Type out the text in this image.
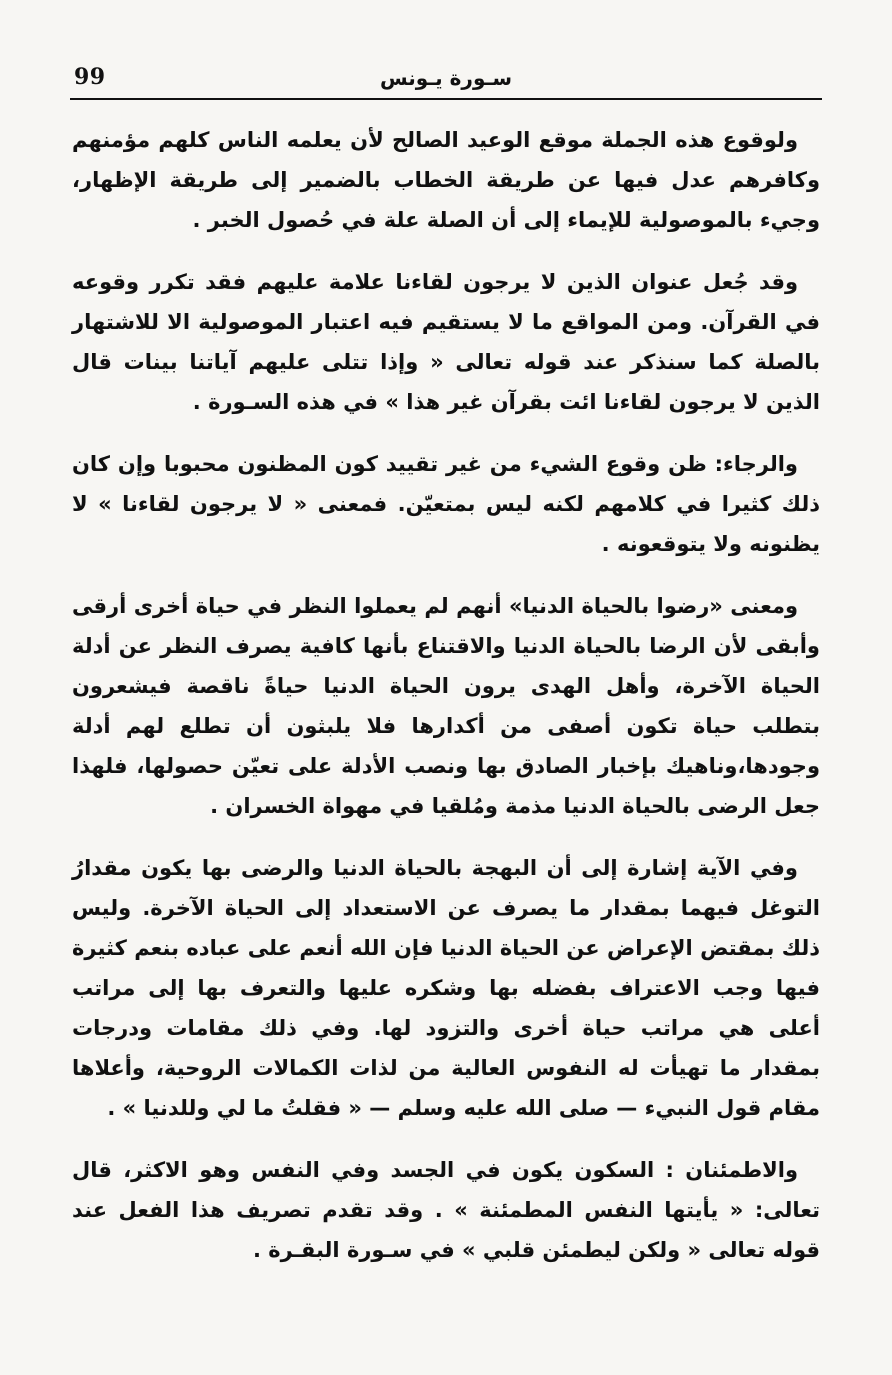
99	سـورة يـونس

ولوقوع هذه الجملة موقع الوعيد الصالح لأن يعلمه الناس كلهم مؤمنهم وكافرهم عدل فيها عن طريقة الخطاب بالضمير إلى طريقة الإظهار، وجيء بالموصولية للإيماء إلى أن الصلة علة في حُصول الخبر .

وقد جُعل عنوان الذين لا يرجون لقاءنا علامة عليهم فقد تكرر وقوعه في القرآن. ومن المواقع ما لا يستقيم فيه اعتبار الموصولية الا للاشتهار بالصلة كما سنذكر عند قوله تعالى « وإذا تتلى عليهم آياتنا بينات قال الذين لا يرجون لقاءنا ائت بقرآن غير هذا » في هذه السـورة .

والرجاء: ظن وقوع الشيء من غير تقييد كون المظنون محبوبا وإن كان ذلك كثيرا في كلامهم لكنه ليس بمتعيّن. فمعنى « لا يرجون لقاءنا » لا يظنونه ولا يتوقعونه .

ومعنى «رضوا بالحياة الدنيا» أنهم لم يعملوا النظر في حياة أخرى أرقى وأبقى لأن الرضا بالحياة الدنيا والاقتناع بأنها كافية يصرف النظر عن أدلة الحياة الآخرة، وأهل الهدى يرون الحياة الدنيا حياةً ناقصة فيشعرون بتطلب حياة تكون أصفى من أكدارها فلا يلبثون أن تطلع لهم أدلة وجودها،وناهيك بإخبار الصادق بها ونصب الأدلة على تعيّن حصولها، فلهذا جعل الرضى بالحياة الدنيا مذمة ومُلقيا في مهواة الخسران .

وفي الآية إشارة إلى أن البهجة بالحياة الدنيا والرضى بها يكون مقدارُ التوغل فيهما بمقدار ما يصرف عن الاستعداد إلى الحياة الآخرة. وليس ذلك بمقتض الإعراض عن الحياة الدنيا فإن الله أنعم على عباده بنعم كثيرة فيها وجب الاعتراف بفضله بها وشكره عليها والتعرف بها إلى مراتب أعلى هي مراتب حياة أخرى والتزود لها. وفي ذلك مقامات ودرجات بمقدار ما تهيأت له النفوس العالية من لذات الكمالات الروحية، وأعلاها مقام قول النبيء — صلى الله عليه وسلم — « فقلتُ ما لي وللدنيا » .

والاطمئنان : السكون يكون في الجسد وفي النفس وهو الاكثر، قال تعالى: « يأيتها النفس المطمئنة » . وقد تقدم تصريف هذا الفعل عند قوله تعالى « ولكن ليطمئن قلبي » في سـورة البقـرة .
